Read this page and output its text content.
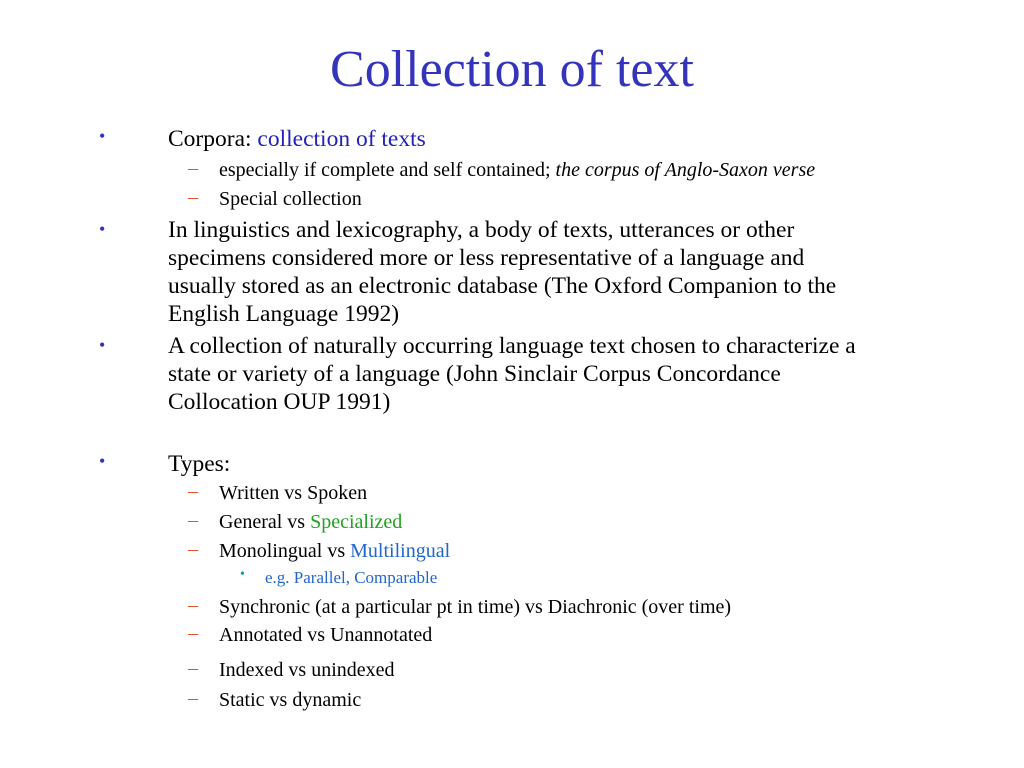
Collection of text
•	Corpora: collection of texts
– especially if complete and self contained; the corpus of Anglo-Saxon verse
– Special collection
•	In linguistics and lexicography, a body of texts, utterances or other
specimens considered more or less representative of a language and
usually stored as an electronic database (The Oxford Companion to the
English Language 1992)
•	A collection of naturally occurring language text chosen to characterize a
state or variety of a language (John Sinclair Corpus Concordance
Collocation OUP 1991)
•	Types:
– Written vs Spoken
– General vs Specialized
– Monolingual vs Multilingual
• e.g. Parallel, Comparable
– Synchronic (at a particular pt in time) vs Diachronic (over time)
– Annotated vs Unannotated
– Indexed vs unindexed
– Static vs dynamic
